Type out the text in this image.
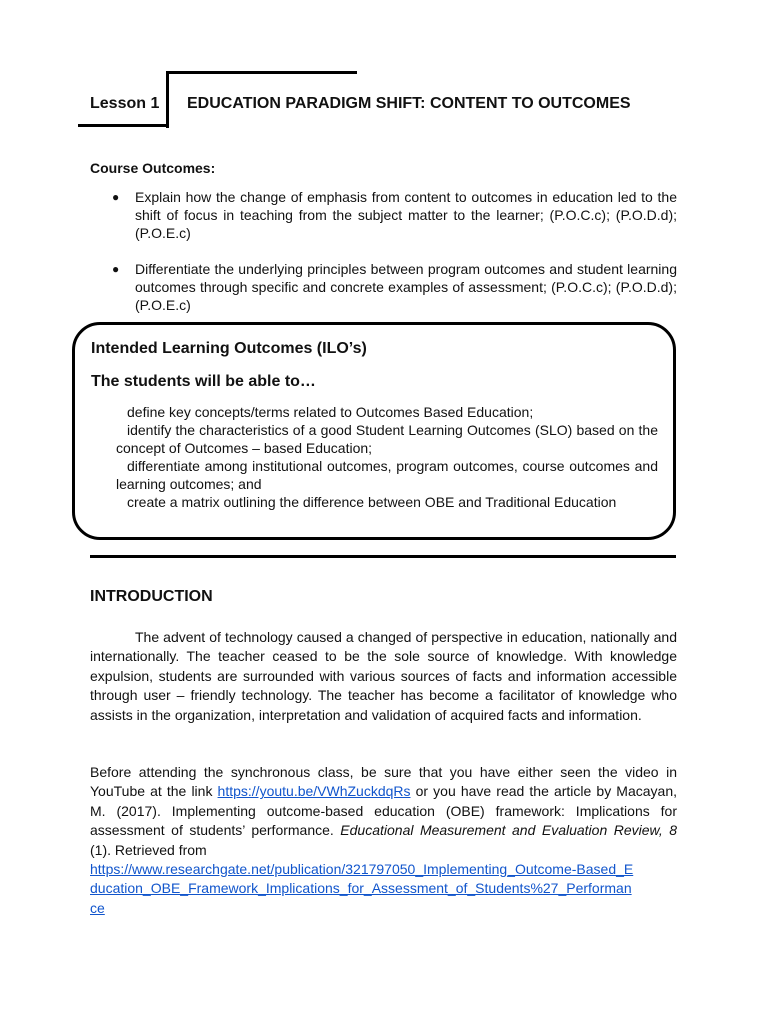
Lesson 1 EDUCATION PARADIGM SHIFT: CONTENT TO OUTCOMES
Course Outcomes:
●	Explain how the change of emphasis from content to outcomes in education led to the shift of focus in teaching from the subject matter to the learner; (P.O.C.c); (P.O.D.d); (P.O.E.c)
●	Differentiate the underlying principles between program outcomes and student learning outcomes through specific and concrete examples of assessment; (P.O.C.c); (P.O.D.d); (P.O.E.c)
Intended Learning Outcomes (ILO’s)
The students will be able to…

define key concepts/terms related to Outcomes Based Education;

identify the characteristics of a good Student Learning Outcomes (SLO) based on the concept of Outcomes – based Education;

differentiate among institutional outcomes, program outcomes, course outcomes and learning outcomes; and

create a matrix outlining the difference between OBE and Traditional Education

INTRODUCTION

The advent of technology caused a changed of perspective in education, nationally and internationally. The teacher ceased to be the sole source of knowledge. With knowledge expulsion, students are surrounded with various sources of facts and information accessible through user – friendly technology. The teacher has become a facilitator of knowledge who assists in the organization, interpretation and validation of acquired facts and information.

Before attending the synchronous class, be sure that you have either seen the video in YouTube at the link https://youtu.be/VWhZuckdqRs or you have read the article by Macayan, M. (2017). Implementing outcome-based education (OBE) framework: Implications for assessment of students’ performance. Educational Measurement and Evaluation Review, 8 (1). Retrieved from

https://www.researchgate.net/publication/321797050_Implementing_Outcome-Based_Education_OBE_Framework_Implications_for_Assessment_of_Students%27_Performance
